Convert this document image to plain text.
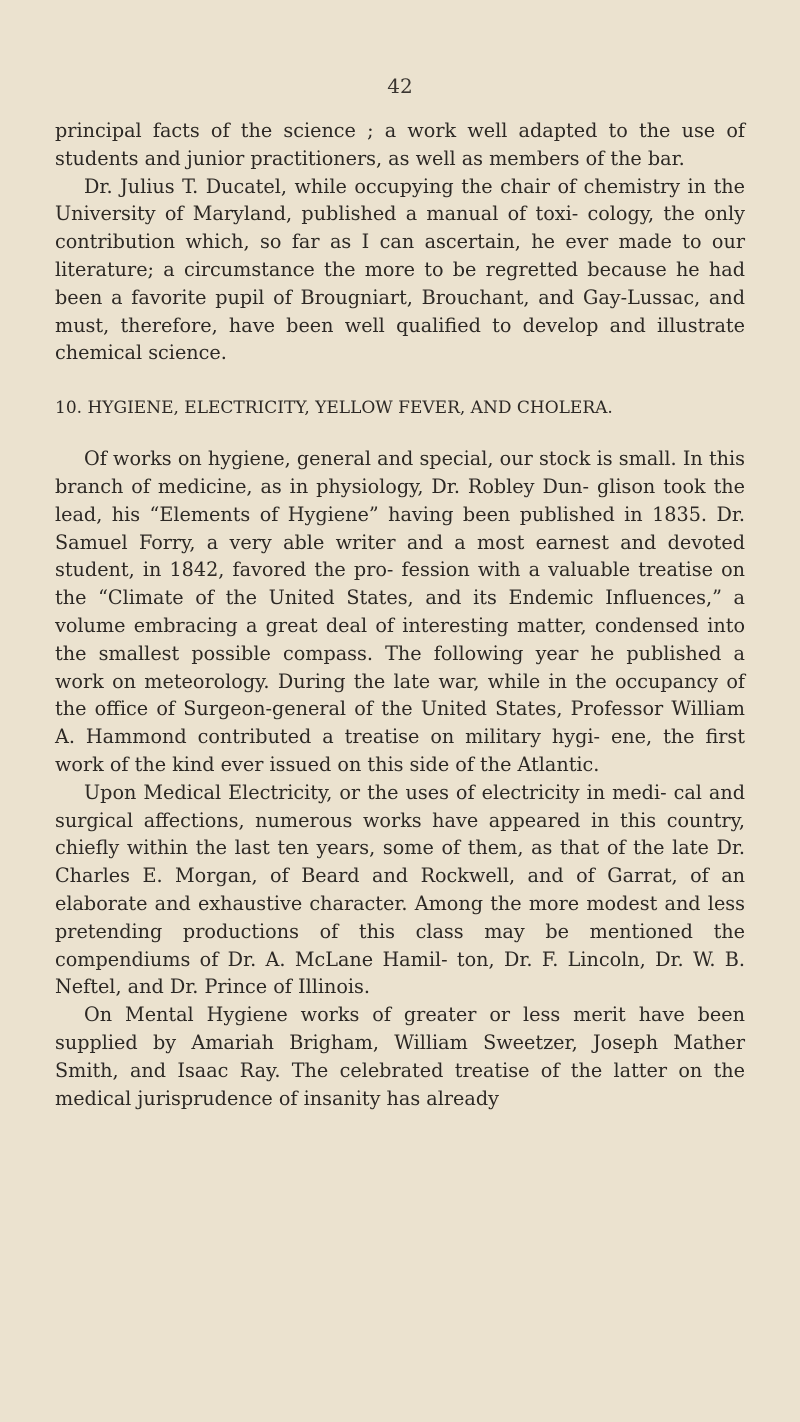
42

principal facts of the science ; a work well adapted to the use of students and junior practitioners, as well as members of the bar.

Dr. Julius T. Ducatel, while occupying the chair of chemistry in the University of Maryland, published a manual of toxi- cology, the only contribution which, so far as I can ascertain, he ever made to our literature; a circumstance the more to be regretted because he had been a favorite pupil of Brougniart, Brouchant, and Gay-Lussac, and must, therefore, have been well qualified to develop and illustrate chemical science.

10. HYGIENE, ELECTRICITY, YELLOW FEVER, AND CHOLERA.

Of works on hygiene, general and special, our stock is small. In this branch of medicine, as in physiology, Dr. Robley Dun- glison took the lead, his “Elements of Hygiene” having been published in 1835. Dr. Samuel Forry, a very able writer and a most earnest and devoted student, in 1842, favored the pro- fession with a valuable treatise on the “Climate of the United States, and its Endemic Influences,” a volume embracing a great deal of interesting matter, condensed into the smallest possible compass. The following year he published a work on meteorology. During the late war, while in the occupancy of the office of Surgeon-general of the United States, Professor William A. Hammond contributed a treatise on military hygi- ene, the first work of the kind ever issued on this side of the Atlantic.

Upon Medical Electricity, or the uses of electricity in medi- cal and surgical affections, numerous works have appeared in this country, chiefly within the last ten years, some of them, as that of the late Dr. Charles E. Morgan, of Beard and Rockwell, and of Garrat, of an elaborate and exhaustive character. Among the more modest and less pretending productions of this class may be mentioned the compendiums of Dr. A. McLane Hamil- ton, Dr. F. Lincoln, Dr. W. B. Neftel, and Dr. Prince of Illinois.

On Mental Hygiene works of greater or less merit have been supplied by Amariah Brigham, William Sweetzer, Joseph Mather Smith, and Isaac Ray. The celebrated treatise of the latter on the medical jurisprudence of insanity has already
